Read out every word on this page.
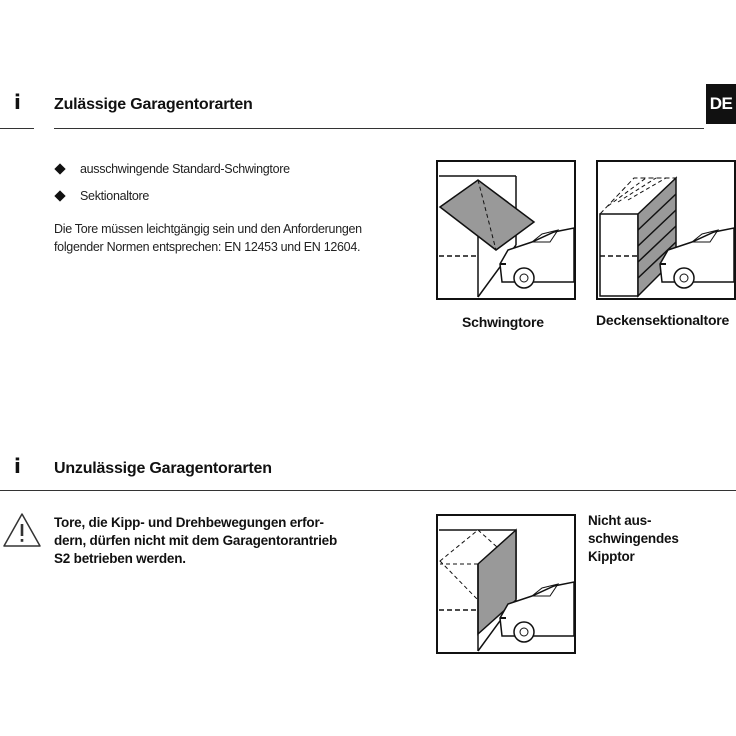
i Zulässige Garagentorarten	DE
ausschwingende Standard-Schwingtore
Sektionaltore
Die Tore müssen leichtgängig sein und den Anforderungen
folgender Normen entsprechen: EN 12453 und EN 12604.
Schwingtore	Deckensektionaltore
i Unzulässige Garagentorarten
Tore, die Kipp- und Drehbewegungen erfor-
dern, dürfen nicht mit dem Garagentorantrieb
S2 betrieben werden.
Nicht aus-
schwingendes
Kipptor
